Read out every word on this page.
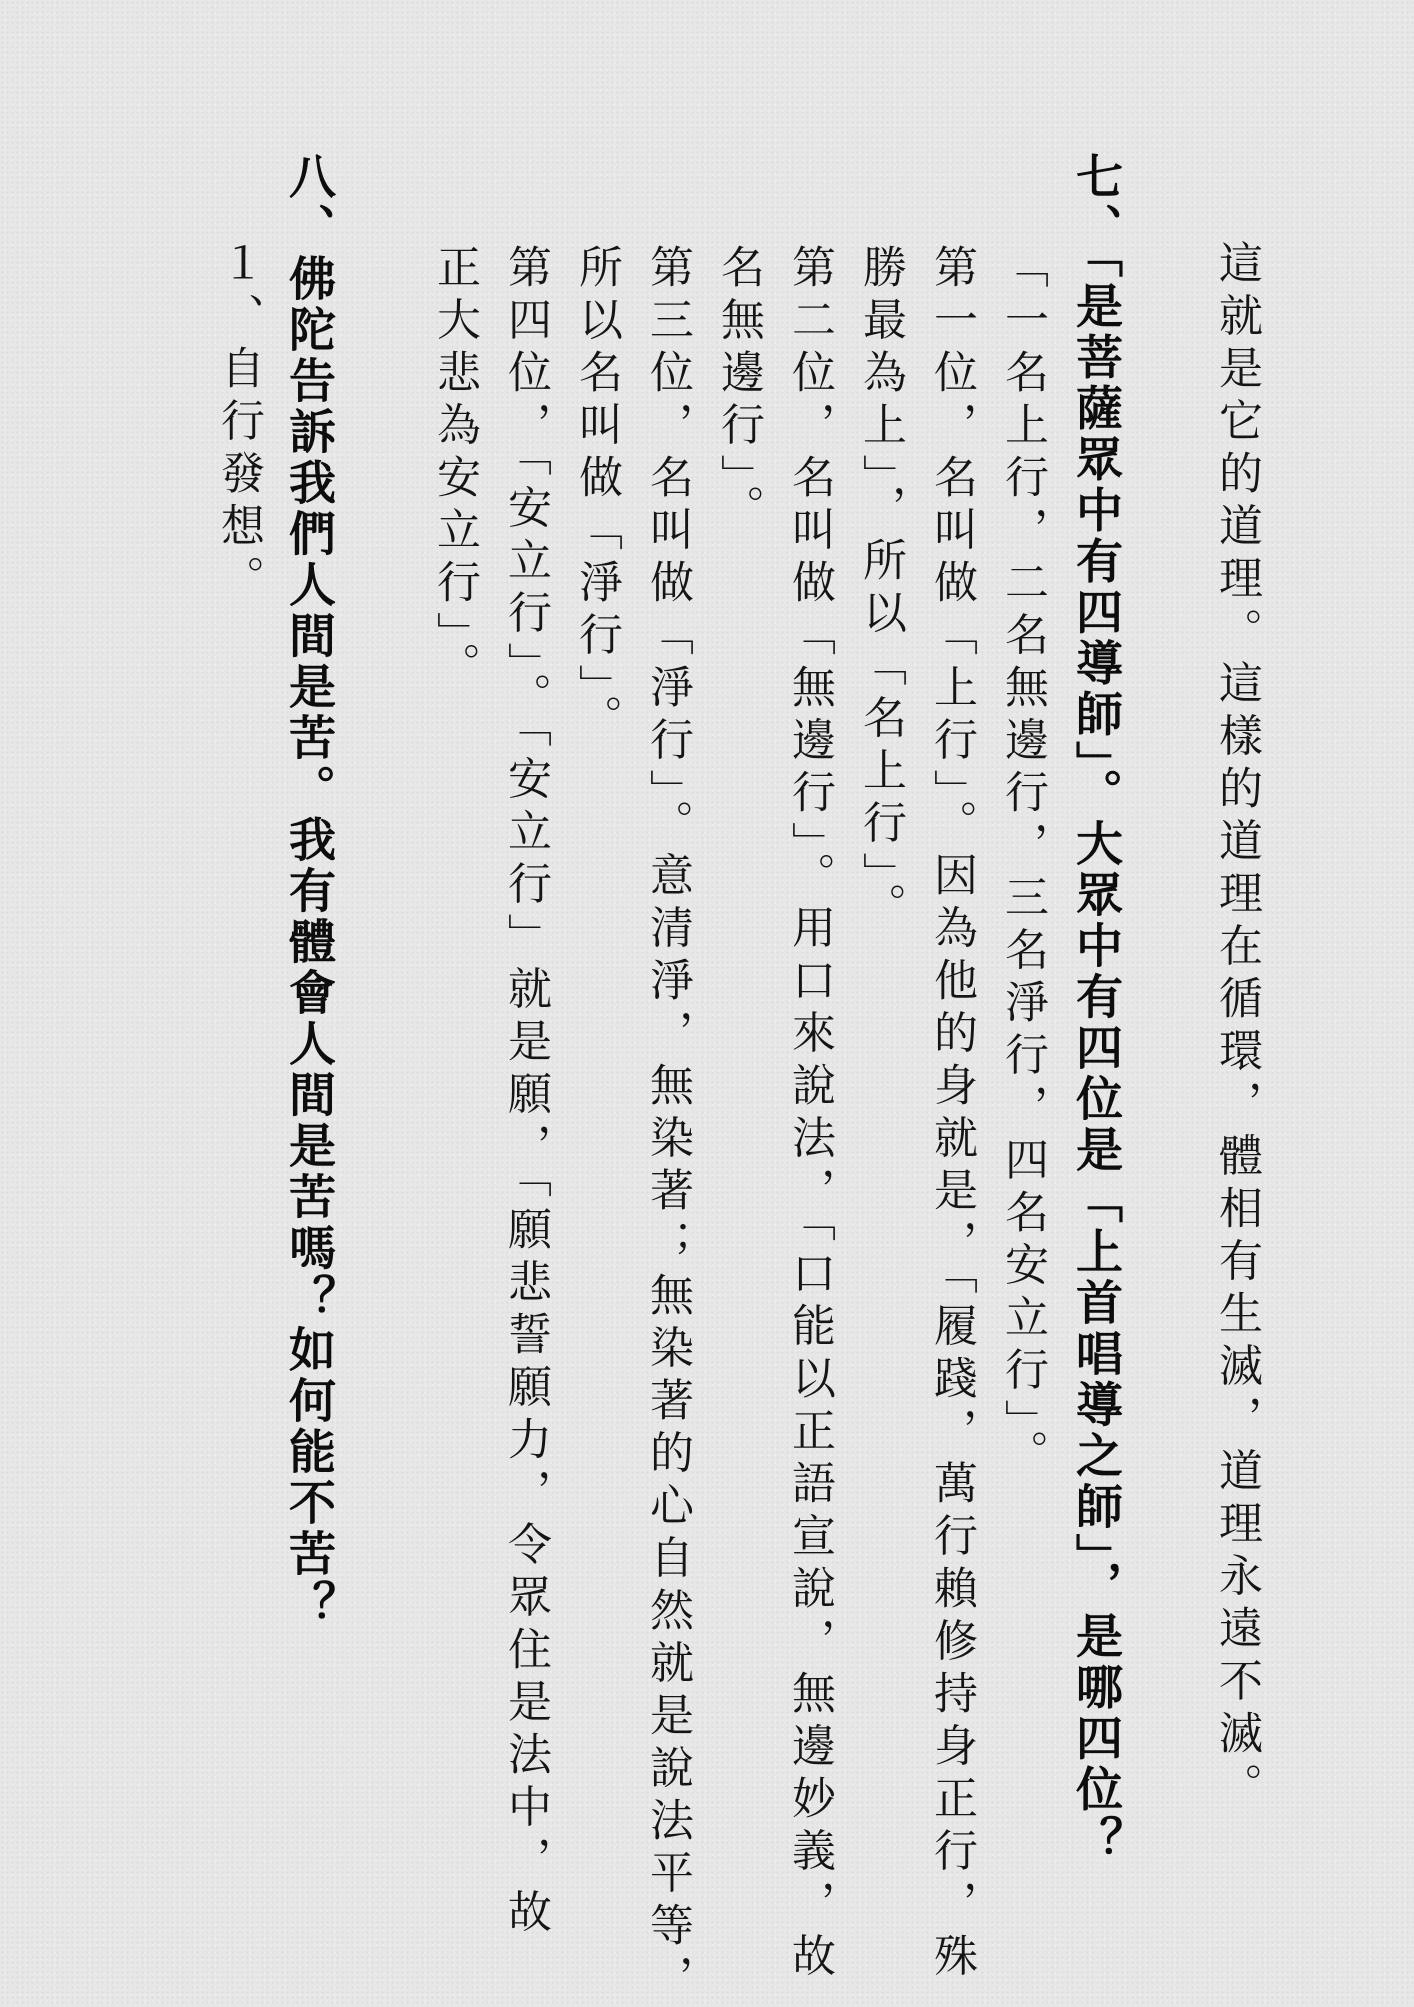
這就是它的道理。這樣的道理在循環，體相有生滅，道理永遠不滅。
七、「是菩薩眾中有四導師」。大眾中有四位是「上首唱導之師」，是哪四位？
「一名上行，二名無邊行，三名淨行，四名安立行」。
第一位，名叫做「上行」。因為他的身就是，「履踐，萬行賴修持身正行，殊
勝最為上」，所以「名上行」。
第二位，名叫做「無邊行」。用口來說法，「口能以正語宣說，無邊妙義，故
名無邊行」。
第三位，名叫做「淨行」。意清淨，無染著；無染著的心自然就是說法平等，
所以名叫做「淨行」。
第四位，「安立行」。「安立行」就是願，「願悲誓願力，令眾住是法中，故
正大悲為安立行」。
八、佛陀告訴我們人間是苦。我有體會人間是苦嗎？如何能不苦？
１、自行發想。
